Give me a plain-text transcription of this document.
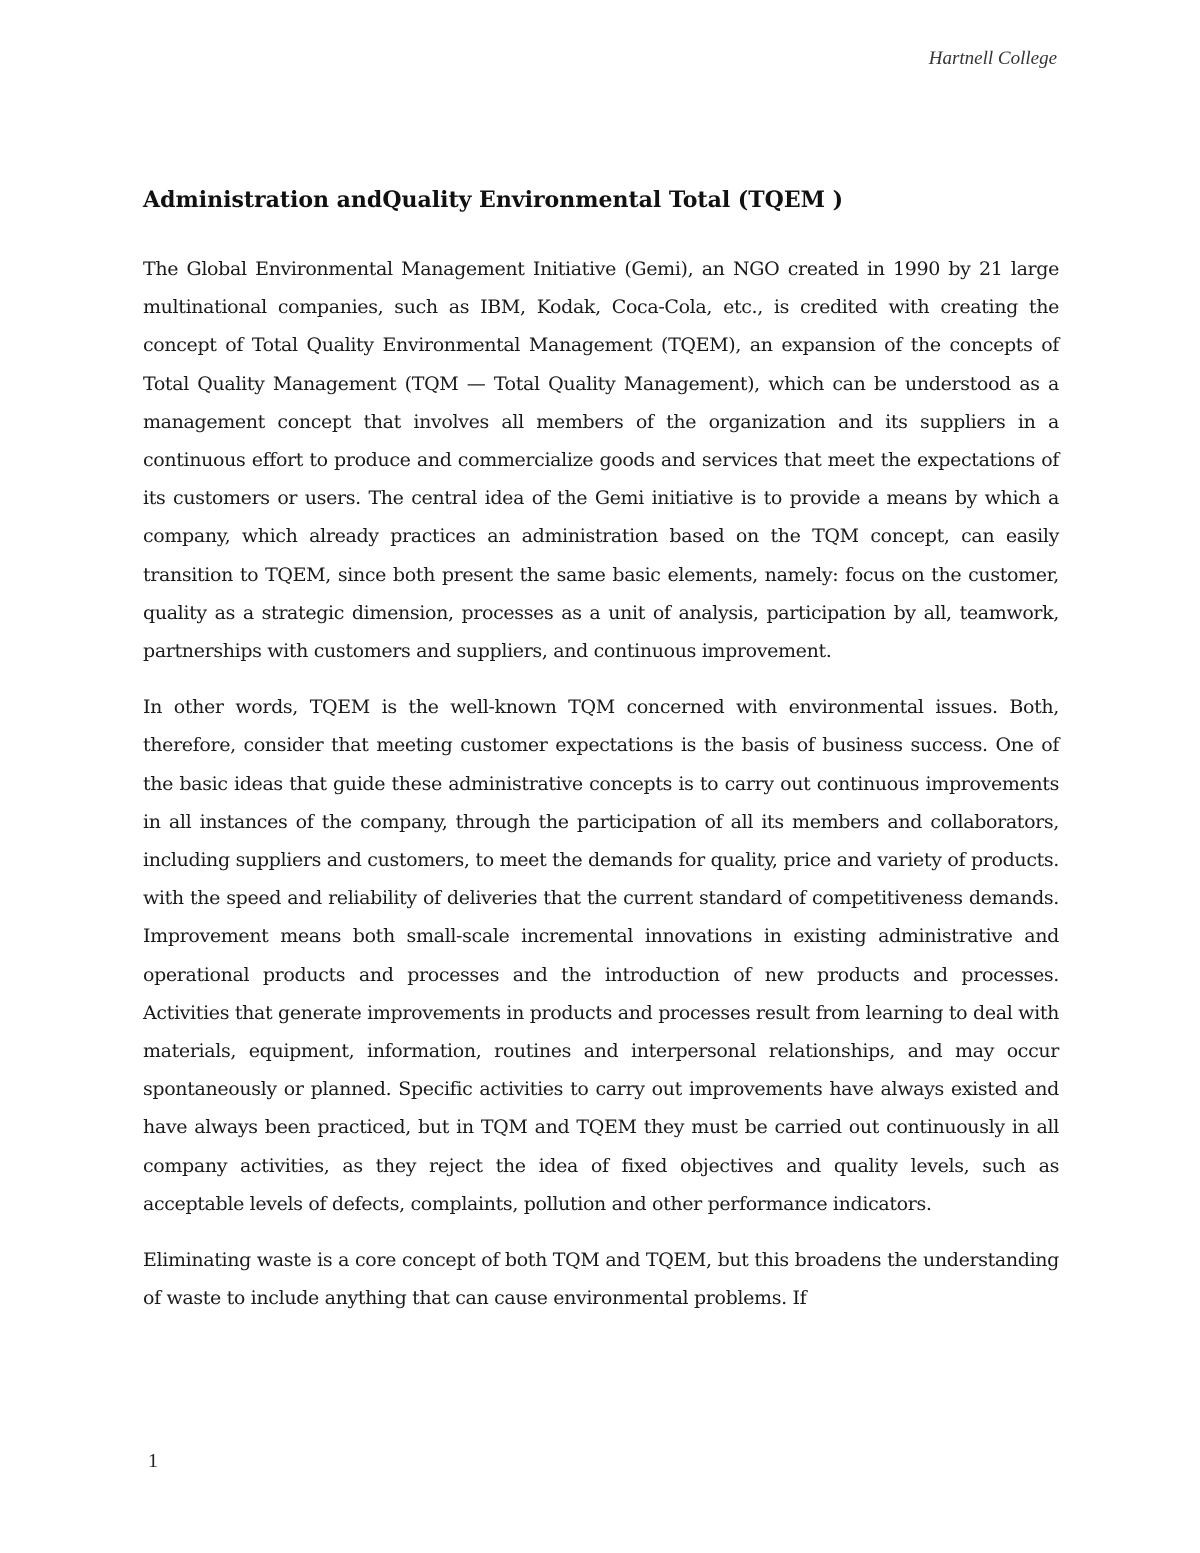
Hartnell College
Administration andQuality Environmental Total (TQEM )

The Global Environmental Management Initiative (Gemi), an NGO created in 1990 by 21 large multinational companies, such as IBM, Kodak, Coca-Cola, etc., is credited with creating the concept of Total Quality Environmental Management (TQEM), an expansion of the concepts of Total Quality Management (TQM — Total Quality Management), which can be understood as a management concept that involves all members of the organization and its suppliers in a continuous effort to produce and commercialize goods and services that meet the expectations of its customers or users. The central idea of the Gemi initiative is to provide a means by which a company, which already practices an administration based on the TQM concept, can easily transition to TQEM, since both present the same basic elements, namely: focus on the customer, quality as a strategic dimension, processes as a unit of analysis, participation by all, teamwork, partnerships with customers and suppliers, and continuous improvement.

In other words, TQEM is the well-known TQM concerned with environmental issues. Both, therefore, consider that meeting customer expectations is the basis of business success. One of the basic ideas that guide these administrative concepts is to carry out continuous improvements in all instances of the company, through the participation of all its members and collaborators, including suppliers and customers, to meet the demands for quality, price and variety of products. with the speed and reliability of deliveries that the current standard of competitiveness demands. Improvement means both small-scale incremental innovations in existing administrative and operational products and processes and the introduction of new products and processes. Activities that generate improvements in products and processes result from learning to deal with materials, equipment, information, routines and interpersonal relationships, and may occur spontaneously or planned. Specific activities to carry out improvements have always existed and have always been practiced, but in TQM and TQEM they must be carried out continuously in all company activities, as they reject the idea of fixed objectives and quality levels, such as acceptable levels of defects, complaints, pollution and other performance indicators.

Eliminating waste is a core concept of both TQM and TQEM, but this broadens the understanding of waste to include anything that can cause environmental problems. If

1
